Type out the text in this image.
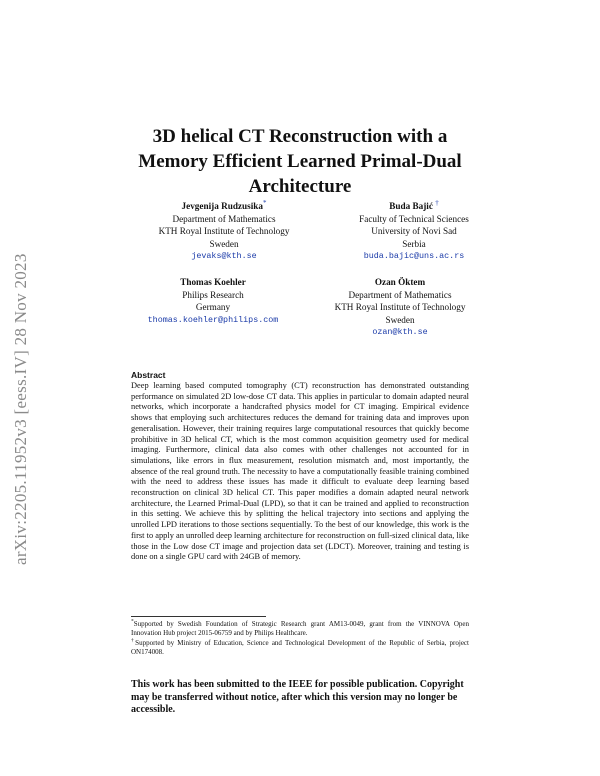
arXiv:2205.11952v3 [eess.IV] 28 Nov 2023
3D helical CT Reconstruction with a
Memory Efficient Learned Primal-Dual
Architecture
Jevgenija Rudzusika*
Department of Mathematics
KTH Royal Institute of Technology
Sweden
jevaks@kth.se
Buda Bajić †
Faculty of Technical Sciences
University of Novi Sad
Serbia
buda.bajic@uns.ac.rs
Thomas Koehler
Philips Research
Germany
thomas.koehler@philips.com
Ozan Öktem
Department of Mathematics
KTH Royal Institute of Technology
Sweden
ozan@kth.se
Abstract
Deep learning based computed tomography (CT) reconstruction has demonstrated outstanding performance on simulated 2D low-dose CT data. This applies in particular to domain adapted neural networks, which incorporate a handcrafted physics model for CT imaging. Empirical evidence shows that employing such architectures reduces the demand for training data and improves upon generalisation. However, their training requires large computational resources that quickly become prohibitive in 3D helical CT, which is the most common acquisition geometry used for medical imaging. Furthermore, clinical data also comes with other challenges not accounted for in simulations, like errors in flux measurement, resolution mismatch and, most importantly, the absence of the real ground truth. The necessity to have a computationally feasible training combined with the need to address these issues has made it difficult to evaluate deep learning based reconstruction on clinical 3D helical CT. This paper modifies a domain adapted neural network architecture, the Learned Primal-Dual (LPD), so that it can be trained and applied to reconstruction in this setting. We achieve this by splitting the helical trajectory into sections and applying the unrolled LPD iterations to those sections sequentially. To the best of our knowledge, this work is the first to apply an unrolled deep learning architecture for reconstruction on full-sized clinical data, like those in the Low dose CT image and projection data set (LDCT). Moreover, training and testing is done on a single GPU card with 24GB of memory.
*Supported by Swedish Foundation of Strategic Research grant AM13-0049, grant from the VINNOVA Open Innovation Hub project 2015-06759 and by Philips Healthcare.
†Supported by Ministry of Education, Science and Technological Development of the Republic of Serbia, project ON174008.
This work has been submitted to the IEEE for possible publication. Copyright may be transferred without notice, after which this version may no longer be accessible.
